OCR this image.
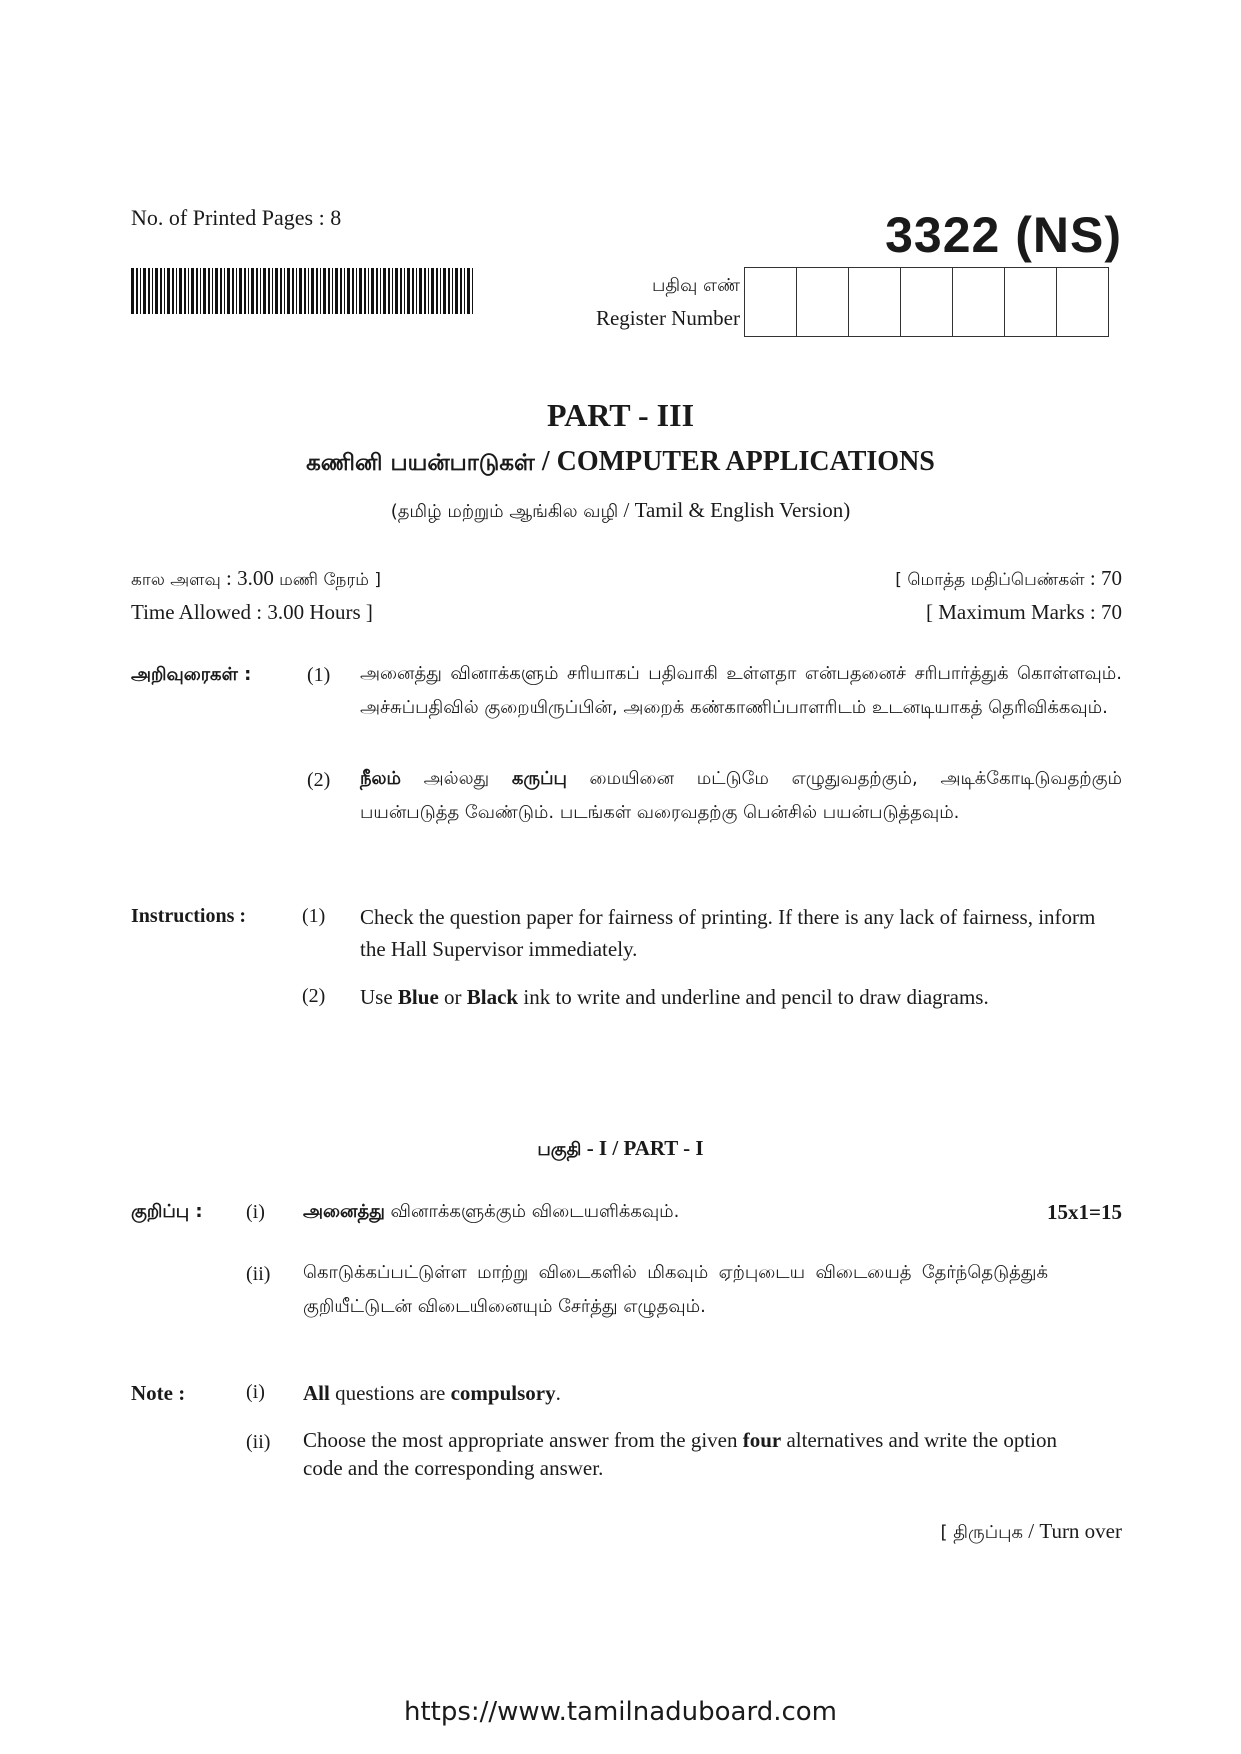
No. of Printed Pages : 8	3322 (NS)
பதிவு எண்
Register Number
PART - III
கணினி பயன்பாடுகள் / COMPUTER APPLICATIONS
(தமிழ் மற்றும் ஆங்கில வழி / Tamil & English Version)
கால அளவு : 3.00 மணி நேரம் ]	[ மொத்த மதிப்பெண்கள் : 70
Time Allowed : 3.00 Hours ]	[ Maximum Marks : 70
அறிவுரைகள் :	(1) அனைத்து வினாக்களும் சரியாகப் பதிவாகி உள்ளதா என்பதனைச் சரிபார்த்துக் கொள்ளவும். அச்சுப்பதிவில் குறையிருப்பின், அறைக் கண்காணிப்பாளரிடம் உடனடியாகத் தெரிவிக்கவும்.
(2) நீலம் அல்லது கருப்பு மையினை மட்டுமே எழுதுவதற்கும், அடிக்கோடிடுவதற்கும் பயன்படுத்த வேண்டும். படங்கள் வரைவதற்கு பென்சில் பயன்படுத்தவும்.
Instructions :	(1) Check the question paper for fairness of printing. If there is any lack of fairness, inform the Hall Supervisor immediately.
(2) Use Blue or Black ink to write and underline and pencil to draw diagrams.
பகுதி - I / PART - I
குறிப்பு : (i) அனைத்து வினாக்களுக்கும் விடையளிக்கவும்.	15x1=15
(ii) கொடுக்கப்பட்டுள்ள மாற்று விடைகளில் மிகவும் ஏற்புடைய விடையைத் தேர்ந்தெடுத்துக் குறியீட்டுடன் விடையினையும் சேர்த்து எழுதவும்.
Note :	(i) All questions are compulsory.
(ii) Choose the most appropriate answer from the given four alternatives and write the option code and the corresponding answer.
[ திருப்புக / Turn over
https://www.tamilnaduboard.com
